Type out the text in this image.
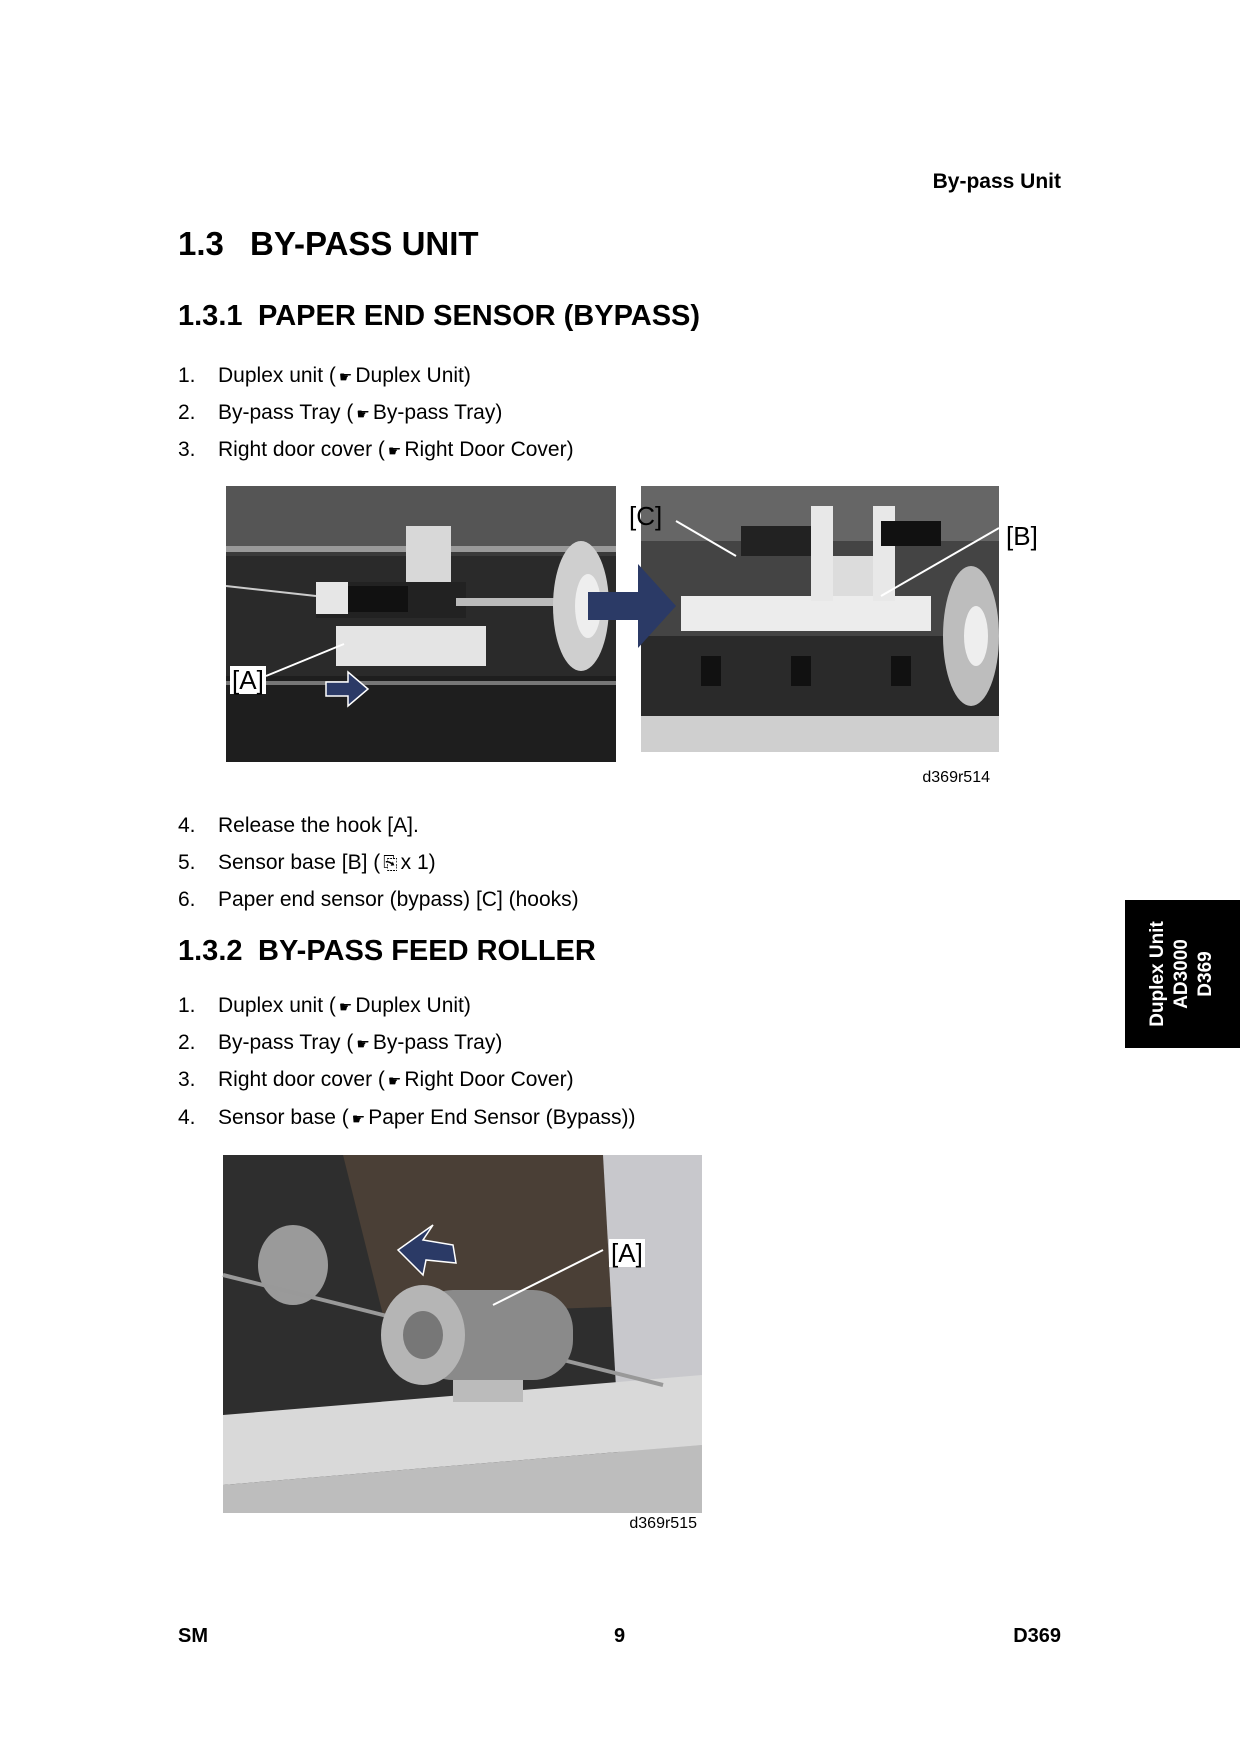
By-pass Unit
1.3 BY-PASS UNIT
1.3.1 PAPER END SENSOR (BYPASS)
1. Duplex unit ( ☛ Duplex Unit)
2. By-pass Tray ( ☛ By-pass Tray)
3. Right door cover ( ☛ Right Door Cover)
[A]
[C]
[B]
d369r514
4. Release the hook [A].
5. Sensor base [B] ( ⎘ x 1)
6. Paper end sensor (bypass) [C] (hooks)
1.3.2 BY-PASS FEED ROLLER
1. Duplex unit ( ☛ Duplex Unit)
2. By-pass Tray ( ☛ By-pass Tray)
3. Right door cover ( ☛ Right Door Cover)
4. Sensor base ( ☛ Paper End Sensor (Bypass))
[A]
d369r515
Duplex Unit AD3000 D369
SM	9	D369
